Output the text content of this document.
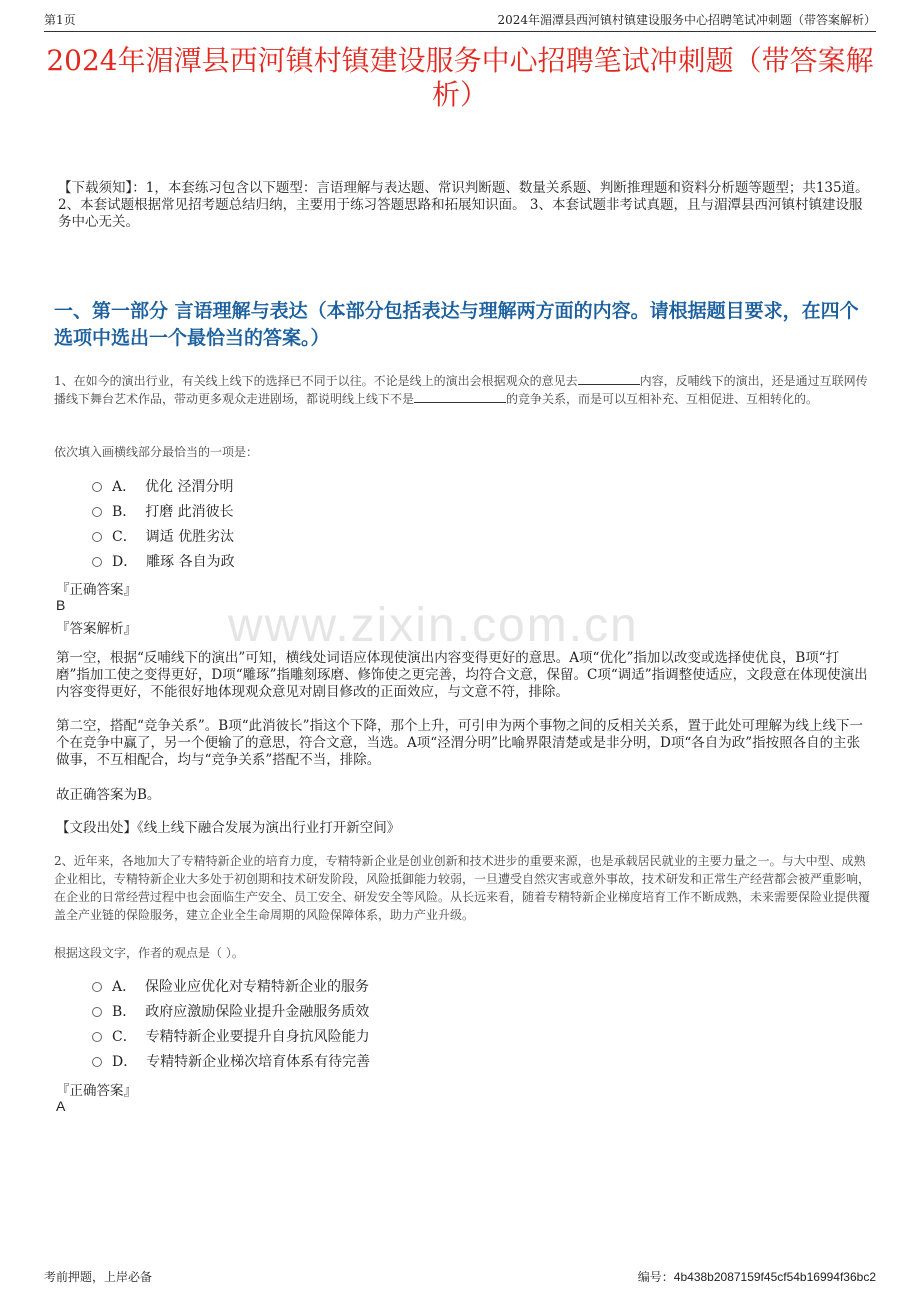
第1页	2024年湄潭县西河镇村镇建设服务中心招聘笔试冲刺题（带答案解析）
2024年湄潭县西河镇村镇建设服务中心招聘笔试冲刺题（带答案解析）

【下载须知】：1，本套练习包含以下题型：言语理解与表达题、常识判断题、数量关系题、判断推理题和资料分析题等题型；共135道。 2、本套试题根据常见招考题总结归纳，主要用于练习答题思路和拓展知识面。 3、本套试题非考试真题，且与湄潭县西河镇村镇建设服务中心无关。

一、第一部分 言语理解与表达（本部分包括表达与理解两方面的内容。请根据题目要求，在四个选项中选出一个最恰当的答案。）

1、在如今的演出行业，有关线上线下的选择已不同于以往。不论是线上的演出会根据观众的意见去	内容，反哺线下的演出，还是通过互联网传播线下舞台艺术作品，带动更多观众走进剧场，都说明线上线下不是	的竞争关系，而是可以互相补充、互相促进、互相转化的。

依次填入画横线部分最恰当的一项是：

A．
优化 泾渭分明
B．
打磨 此消彼长
C．
调适 优胜劣汰
D．
雕琢 各自为政
『正确答案』
B
『答案解析』 www.zixin.com.cn

第一空，根据“反哺线下的演出”可知，横线处词语应体现使演出内容变得更好的意思。A项“优化”指加以改变或选择使优良，B项“打磨”指加工使之变得更好，D项“雕琢”指雕刻琢磨、修饰使之更完善，均符合文意，保留。C项“调适”指调整使适应，文段意在体现使演出内容变得更好，不能很好地体现观众意见对剧目修改的正面效应，与文意不符，排除。

第二空，搭配“竞争关系”。B项“此消彼长”指这个下降，那个上升，可引申为两个事物之间的反相关关系，置于此处可理解为线上线下一个在竞争中赢了，另一个便输了的意思，符合文意，当选。A项“泾渭分明”比喻界限清楚或是非分明，D项“各自为政”指按照各自的主张做事，不互相配合，均与“竞争关系”搭配不当，排除。

故正确答案为B。

【文段出处】《线上线下融合发展为演出行业打开新空间》

2、近年来，各地加大了专精特新企业的培育力度，专精特新企业是创业创新和技术进步的重要来源，也是承载居民就业的主要力量之一。与大中型、成熟企业相比，专精特新企业大多处于初创期和技术研发阶段，风险抵御能力较弱，一旦遭受自然灾害或意外事故，技术研发和正常生产经营都会被严重影响，在企业的日常经营过程中也会面临生产安全、员工安全、研发安全等风险。从长远来看，随着专精特新企业梯度培育工作不断成熟，未来需要保险业提供覆盖全产业链的保险服务，建立企业全生命周期的风险保障体系，助力产业升级。

根据这段文字，作者的观点是（ ）。

A．
保险业应优化对专精特新企业的服务
B．
政府应激励保险业提升金融服务质效
C．
专精特新企业要提升自身抗风险能力
D．
专精特新企业梯次培育体系有待完善
『正确答案』
A
考前押题，上岸必备	编号：4b438b2087159f45cf54b16994f36bc2
